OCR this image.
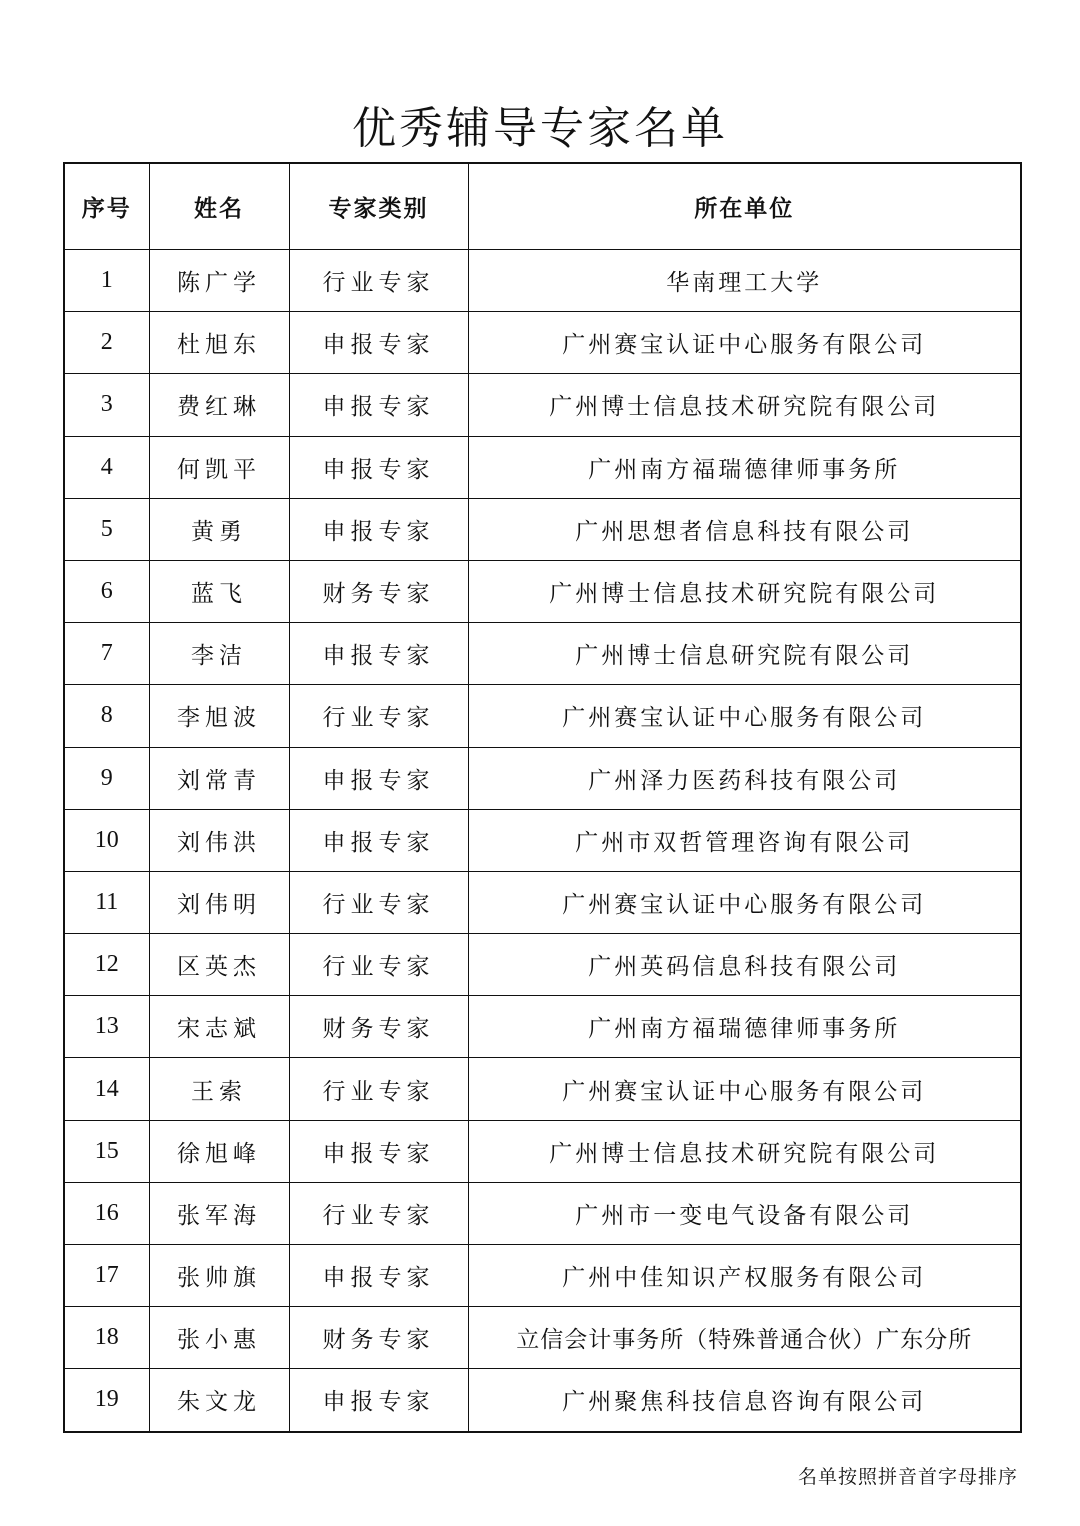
优秀辅导专家名单
序号	姓名	专家类别	所在单位
1	陈广学	行业专家	华南理工大学
2	杜旭东	申报专家	广州赛宝认证中心服务有限公司
3	费红琳	申报专家	广州博士信息技术研究院有限公司
4	何凯平	申报专家	广州南方福瑞德律师事务所
5	黄勇	申报专家	广州思想者信息科技有限公司
6	蓝飞	财务专家	广州博士信息技术研究院有限公司
7	李洁	申报专家	广州博士信息研究院有限公司
8	李旭波	行业专家	广州赛宝认证中心服务有限公司
9	刘常青	申报专家	广州泽力医药科技有限公司
10	刘伟洪	申报专家	广州市双哲管理咨询有限公司
11	刘伟明	行业专家	广州赛宝认证中心服务有限公司
12	区英杰	行业专家	广州英码信息科技有限公司
13	宋志斌	财务专家	广州南方福瑞德律师事务所
14	王索	行业专家	广州赛宝认证中心服务有限公司
15	徐旭峰	申报专家	广州博士信息技术研究院有限公司
16	张军海	行业专家	广州市一变电气设备有限公司
17	张帅旗	申报专家	广州中佳知识产权服务有限公司
18	张小惠	财务专家	立信会计事务所（特殊普通合伙）广东分所
19	朱文龙	申报专家	广州聚焦科技信息咨询有限公司
名单按照拼音首字母排序
